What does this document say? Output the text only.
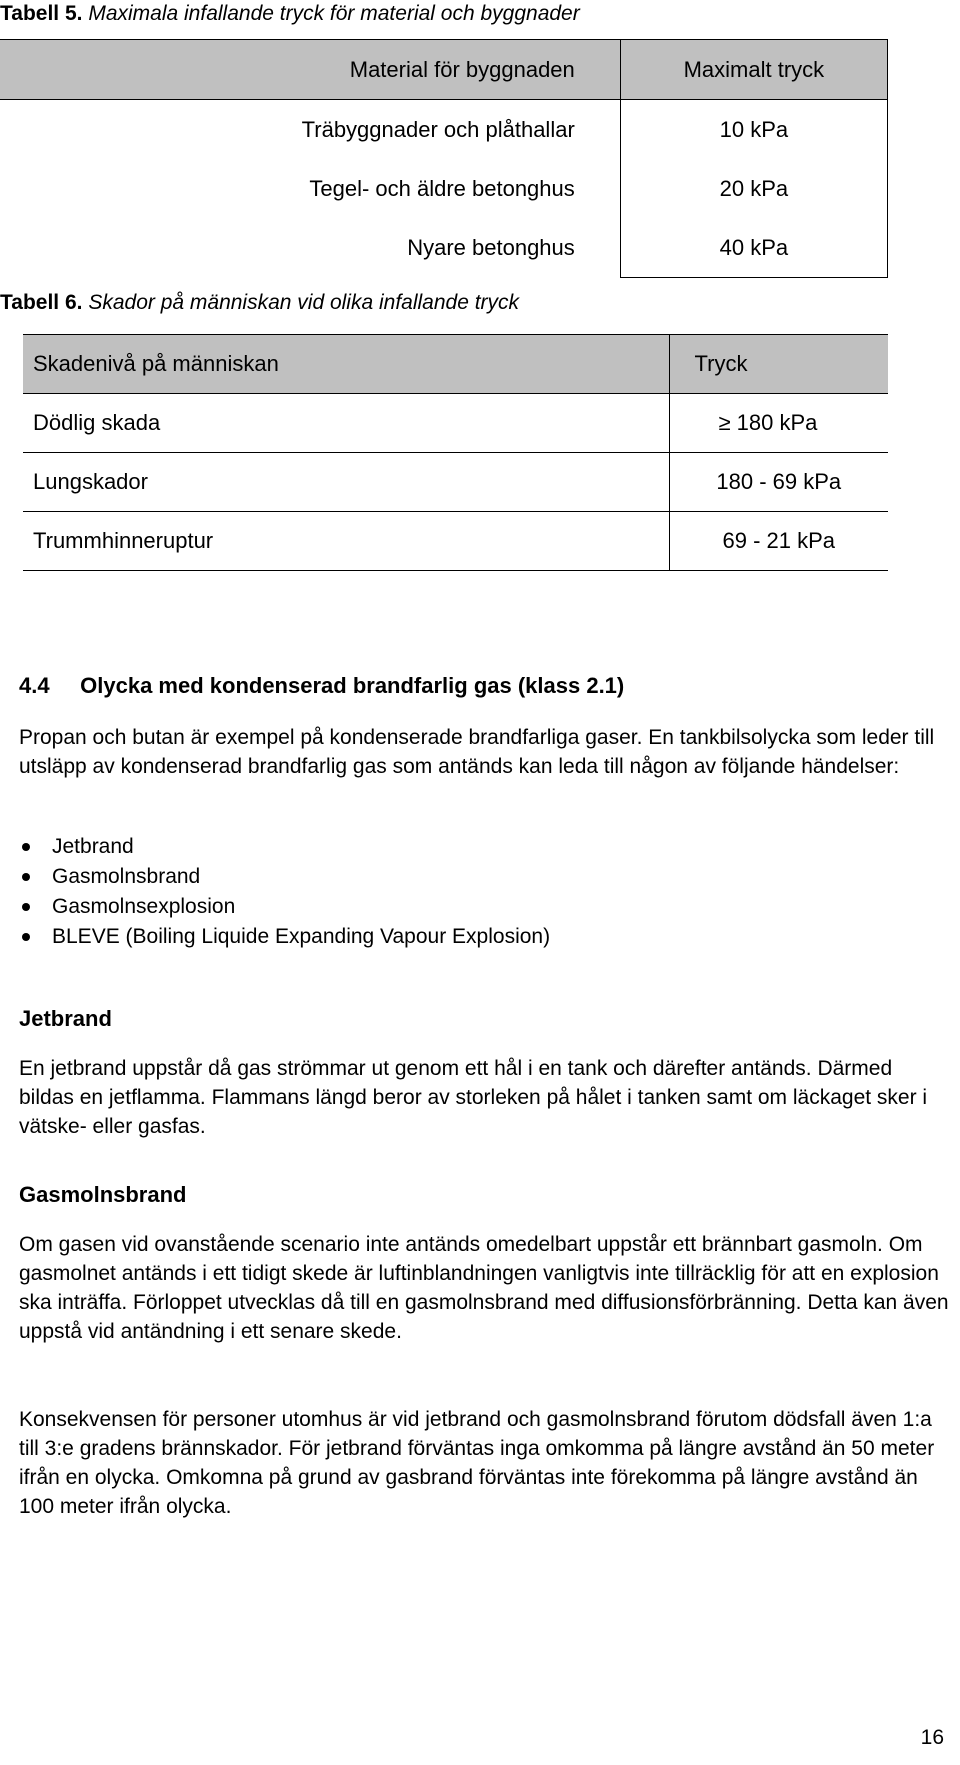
Tabell 5. Maximala infallande tryck för material och byggnader
Material för byggnaden	Maximalt tryck
Träbyggnader och plåthallar	10 kPa
Tegel- och äldre betonghus	20 kPa
Nyare betonghus	40 kPa
Tabell 6. Skador på människan vid olika infallande tryck
Skadenivå på människan	Tryck
Dödlig skada	≥ 180 kPa
Lungskador	180 - 69 kPa
Trummhinneruptur	69 - 21 kPa
4.4     Olycka med kondenserad brandfarlig gas (klass 2.1)
Propan och butan är exempel på kondenserade brandfarliga gaser. En tankbilsolycka som leder till utsläpp av kondenserad brandfarlig gas som antänds kan leda till någon av följande händelser:
Jetbrand
Gasmolnsbrand
Gasmolnsexplosion
BLEVE (Boiling Liquide Expanding Vapour Explosion)
Jetbrand
En jetbrand uppstår då gas strömmar ut genom ett hål i en tank och därefter antänds. Därmed bildas en jetflamma. Flammans längd beror av storleken på hålet i tanken samt om läckaget sker i vätske- eller gasfas.
Gasmolnsbrand
Om gasen vid ovanstående scenario inte antänds omedelbart uppstår ett brännbart gasmoln. Om gasmolnet antänds i ett tidigt skede är luftinblandningen vanligtvis inte tillräcklig för att en explosion ska inträffa. Förloppet utvecklas då till en gasmolnsbrand med diffusionsförbränning. Detta kan även uppstå vid antändning i ett senare skede.
Konsekvensen för personer utomhus är vid jetbrand och gasmolnsbrand förutom dödsfall även 1:a till 3:e gradens brännskador. För jetbrand förväntas inga omkomma på längre avstånd än 50 meter ifrån en olycka. Omkomna på grund av gasbrand förväntas inte förekomma på längre avstånd än 100 meter ifrån olycka.
16
